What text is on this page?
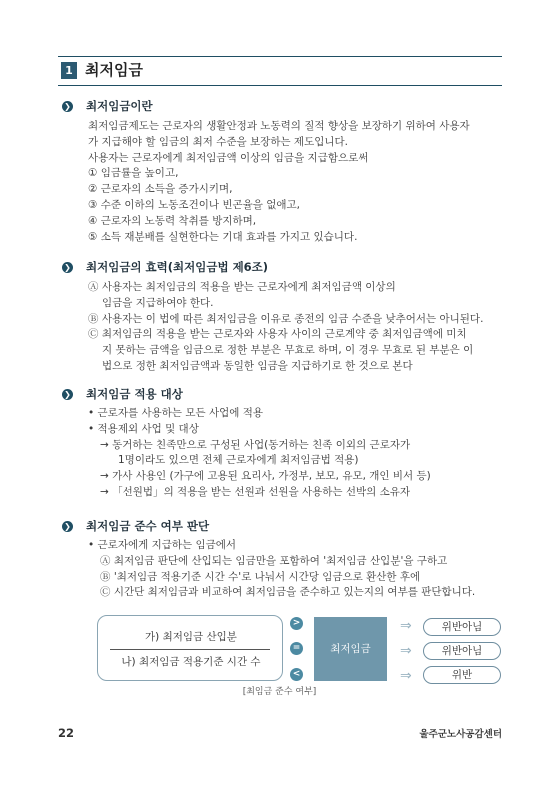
1 최저임금
❯ 최저임금이란
최저임금제도는 근로자의 생활안정과 노동력의 질적 향상을 보장하기 위하여 사용자
가 지급해야 할 임금의 최저 수준을 보장하는 제도입니다.
사용자는 근로자에게 최저임금액 이상의 임금을 지급함으로써
① 임금률을 높이고,
② 근로자의 소득을 증가시키며,
③ 수준 이하의 노동조건이나 빈곤율을 없애고,
④ 근로자의 노동력 착취를 방지하며,
⑤ 소득 재분배를 실현한다는 기대 효과를 가지고 있습니다.
❯ 최저임금의 효력(최저임금법 제6조)
Ⓐ 사용자는 최저임금의 적용을 받는 근로자에게 최저임금액 이상의
임금을 지급하여야 한다.
Ⓑ 사용자는 이 법에 따른 최저임금을 이유로 종전의 임금 수준을 낮추어서는 아니된다.
Ⓒ 최저임금의 적용을 받는 근로자와 사용자 사이의 근로계약 중 최저임금액에 미치
지 못하는 금액을 임금으로 정한 부분은 무효로 하며, 이 경우 무효로 된 부분은 이
법으로 정한 최저임금액과 동일한 임금을 지급하기로 한 것으로 본다
❯ 최저임금 적용 대상
• 근로자를 사용하는 모든 사업에 적용
• 적용제외 사업 및 대상
→ 동거하는 친족만으로 구성된 사업(동거하는 친족 이외의 근로자가
1명이라도 있으면 전체 근로자에게 최저임금법 적용)
→ 가사 사용인 (가구에 고용된 요리사, 가정부, 보모, 유모, 개인 비서 등)
→ 「선원법」의 적용을 받는 선원과 선원을 사용하는 선박의 소유자
❯ 최저임금 준수 여부 판단
• 근로자에게 지급하는 임금에서
Ⓐ 최저임금 판단에 산입되는 임금만을 포함하여 '최저임금 산입분'을 구하고
Ⓑ '최저임금 적용기준 시간 수'로 나눠서 시간당 임금으로 환산한 후에
Ⓒ 시간단 최저임금과 비교하여 최저임금을 준수하고 있는지의 여부를 판단합니다.
가) 최저임금 산입분
나) 최저임금 적용기준 시간 수
>
=
<
최저임금
⇒
⇒
⇒
위반아님
위반아님
위반
[최임금 준수 여부]
22	울주군노사공감센터
